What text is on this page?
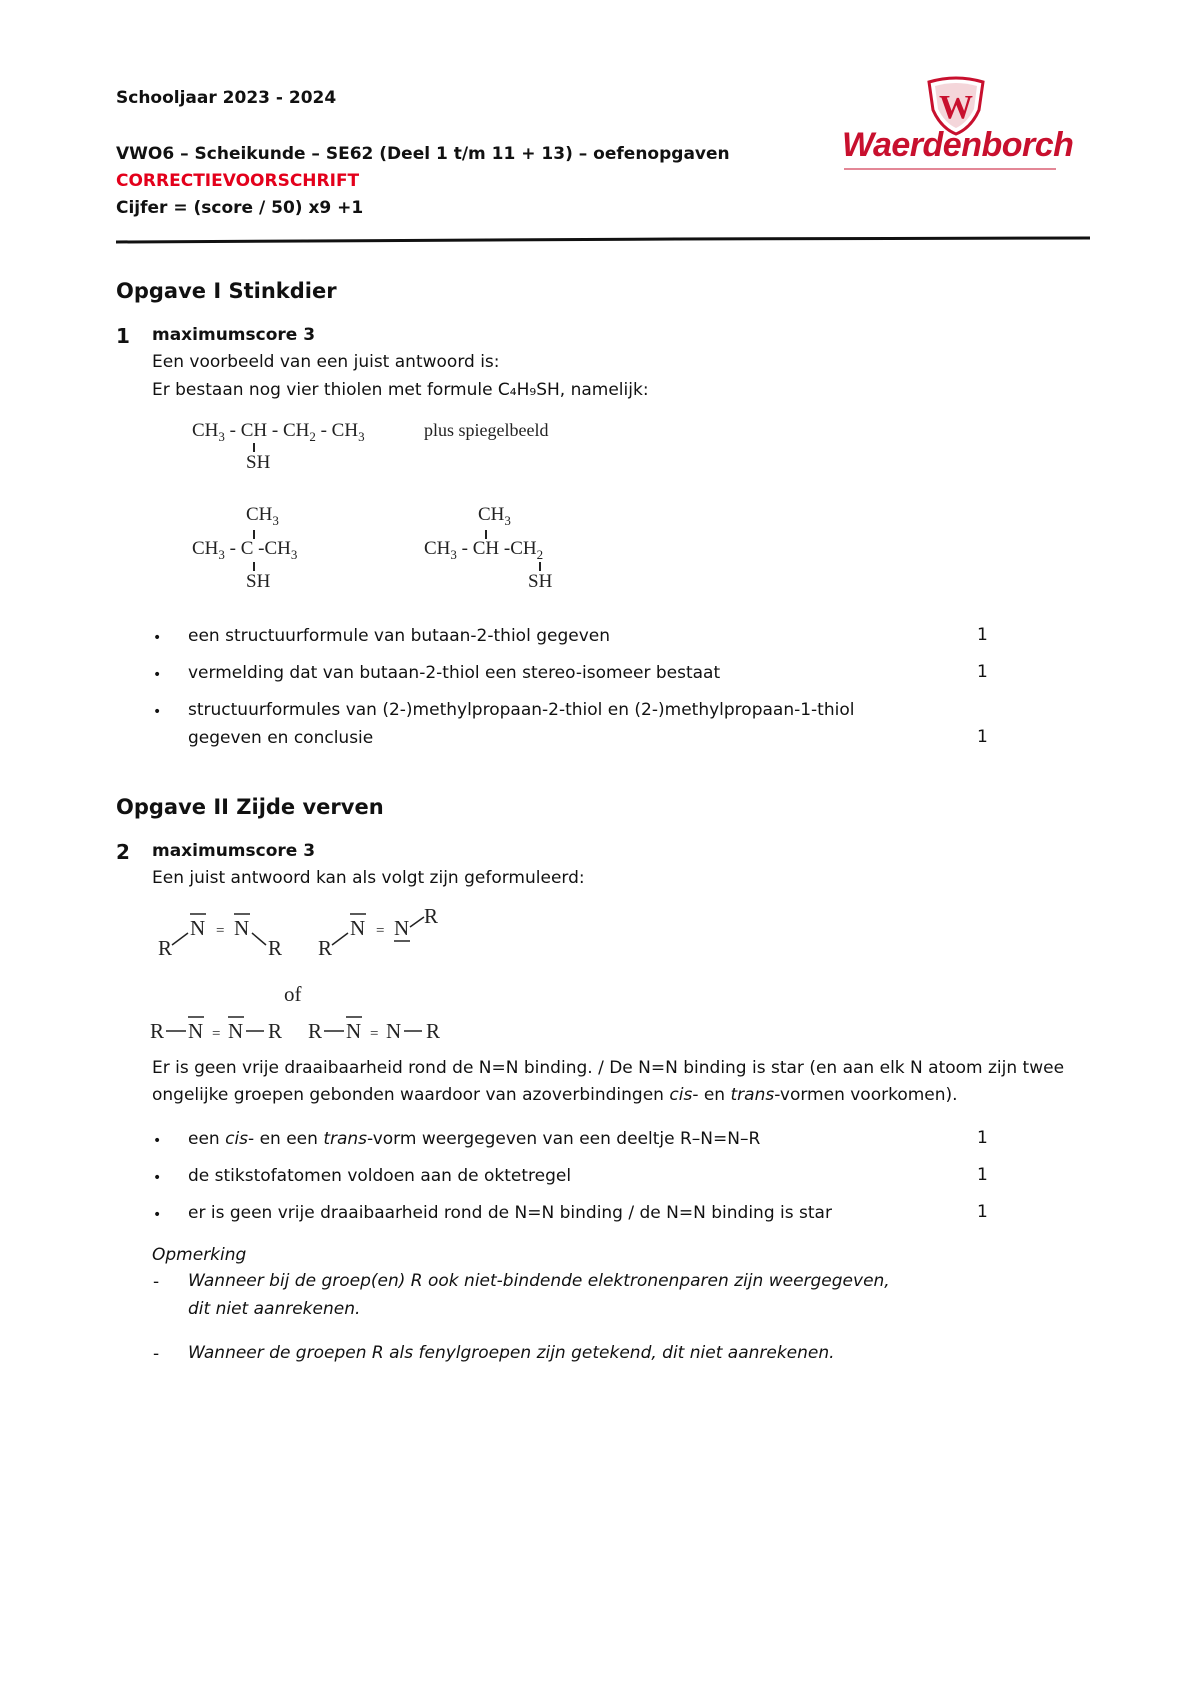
Schooljaar 2023 - 2024
VWO6 – Scheikunde – SE62 (Deel 1 t/m 11 + 13) – oefenopgaven
CORRECTIEVOORSCHRIFT
Cijfer = (score / 50) x9 +1
W
Waerdenborch
Opgave I Stinkdier
1 maximumscore 3
Een voorbeeld van een juist antwoord is:
Er bestaan nog vier thiolen met formule C₄H₉SH, namelijk:
$CH_3$ - CH - $CH_2 - CH_3$
SH
plus spiegelbeeld
$CH_3$
$CH_3$ - C $-CH_3$
SH
$CH_3$
$CH_3$ - CH $-CH_2$
SH
• een structuurformule van butaan-2-thiol gegeven	1
• vermelding dat van butaan-2-thiol een stereo-isomeer bestaat	1
• structuurformules van (2-)methylpropaan-2-thiol en (2-)methylpropaan-1-thiol
gegeven en conclusie	1
Opgave II Zijde verven
2 maximumscore 3
Een juist antwoord kan als volgt zijn geformuleerd:
R
N = N
R R
N = N R
of
R N = N R R N = N R
Er is geen vrije draaibaarheid rond de N=N binding. / De N=N binding is star (en aan elk N atoom zijn twee
ongelijke groepen gebonden waardoor van azoverbindingen cis- en trans-vormen voorkomen).
• een cis- en een trans-vorm weergegeven van een deeltje R–N=N–R	1
• de stikstofatomen voldoen aan de oktetregel	1
• er is geen vrije draaibaarheid rond de N=N binding / de N=N binding is star	1
Opmerking
- Wanneer bij de groep(en) R ook niet-bindende elektronenparen zijn weergegeven,
dit niet aanrekenen.
- Wanneer de groepen R als fenylgroepen zijn getekend, dit niet aanrekenen.
